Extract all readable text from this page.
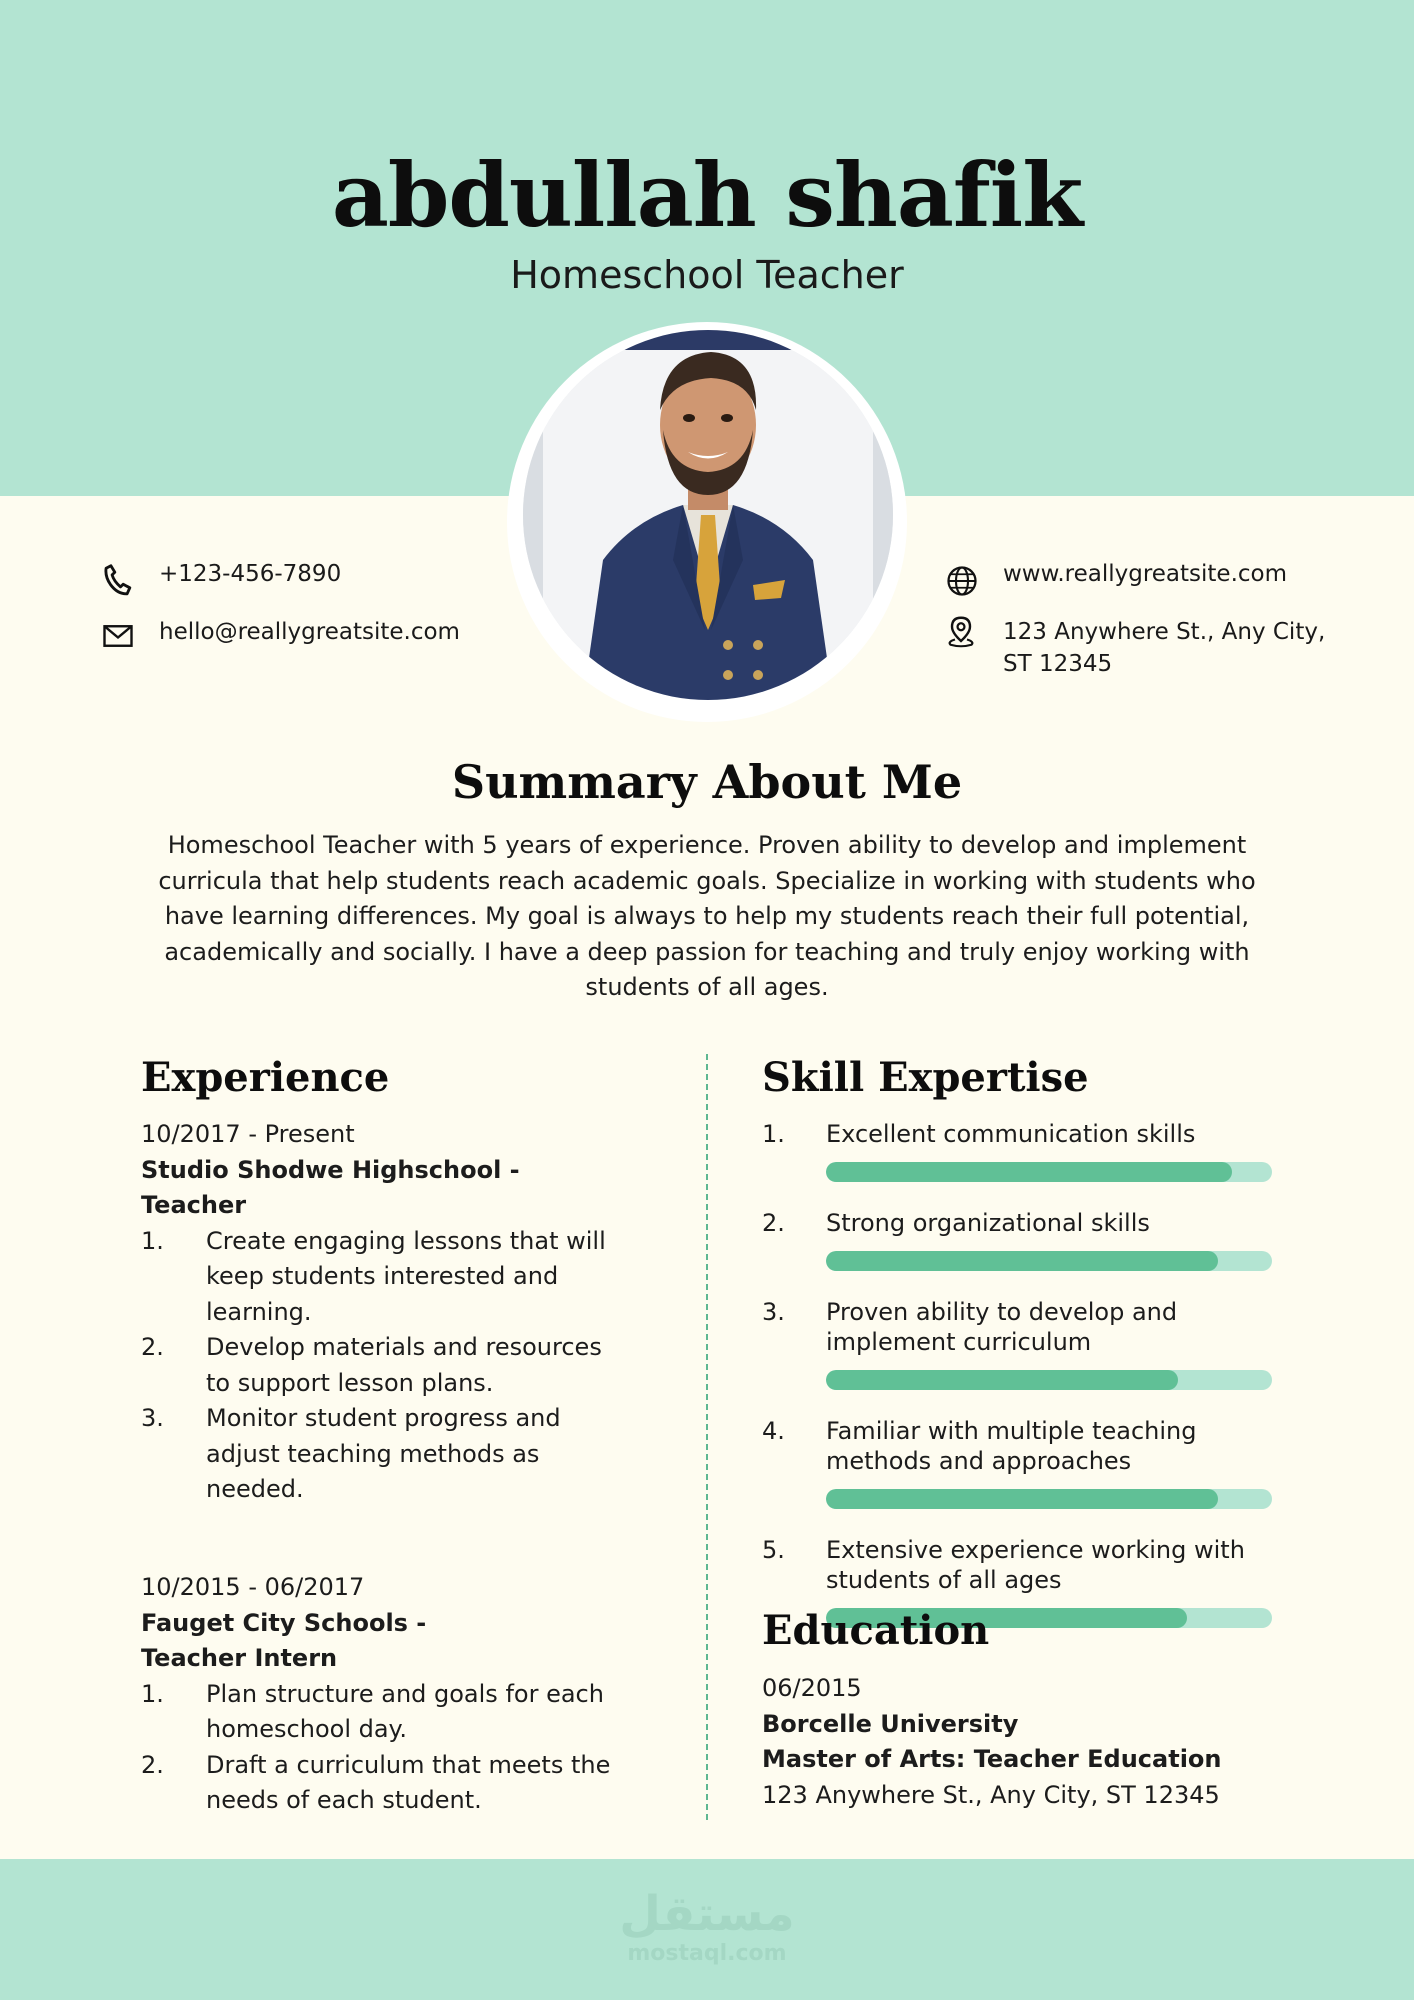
abdullah shafik
Homeschool Teacher
+123-456-7890
hello@reallygreatsite.com
www.reallygreatsite.com
123 Anywhere St., Any City,
ST 12345
Summary About Me

Homeschool Teacher with 5 years of experience. Proven ability to develop and implement curricula that help students reach academic goals. Specialize in working with students who have learning differences. My goal is always to help my students reach their full potential, academically and socially. I have a deep passion for teaching and truly enjoy working with students of all ages.

Experience

10/2017 - Present

Studio Shodwe Highschool -

Teacher

1. Create engaging lessons that will keep students interested and learning.
2. Develop materials and resources to support lesson plans.
3. Monitor student progress and adjust teaching methods as needed.

10/2015 - 06/2017

Fauget City Schools -

Teacher Intern

1. Plan structure and goals for each homeschool day.
2. Draft a curriculum that meets the needs of each student.
Skill Expertise
1. Excellent communication skills
2. Strong organizational skills
3. Proven ability to develop and implement curriculum
4. Familiar with multiple teaching methods and approaches
5. Extensive experience working with students of all ages
Education

06/2015

Borcelle University

Master of Arts: Teacher Education

123 Anywhere St., Any City, ST 12345

مستقل
mostaql.com
